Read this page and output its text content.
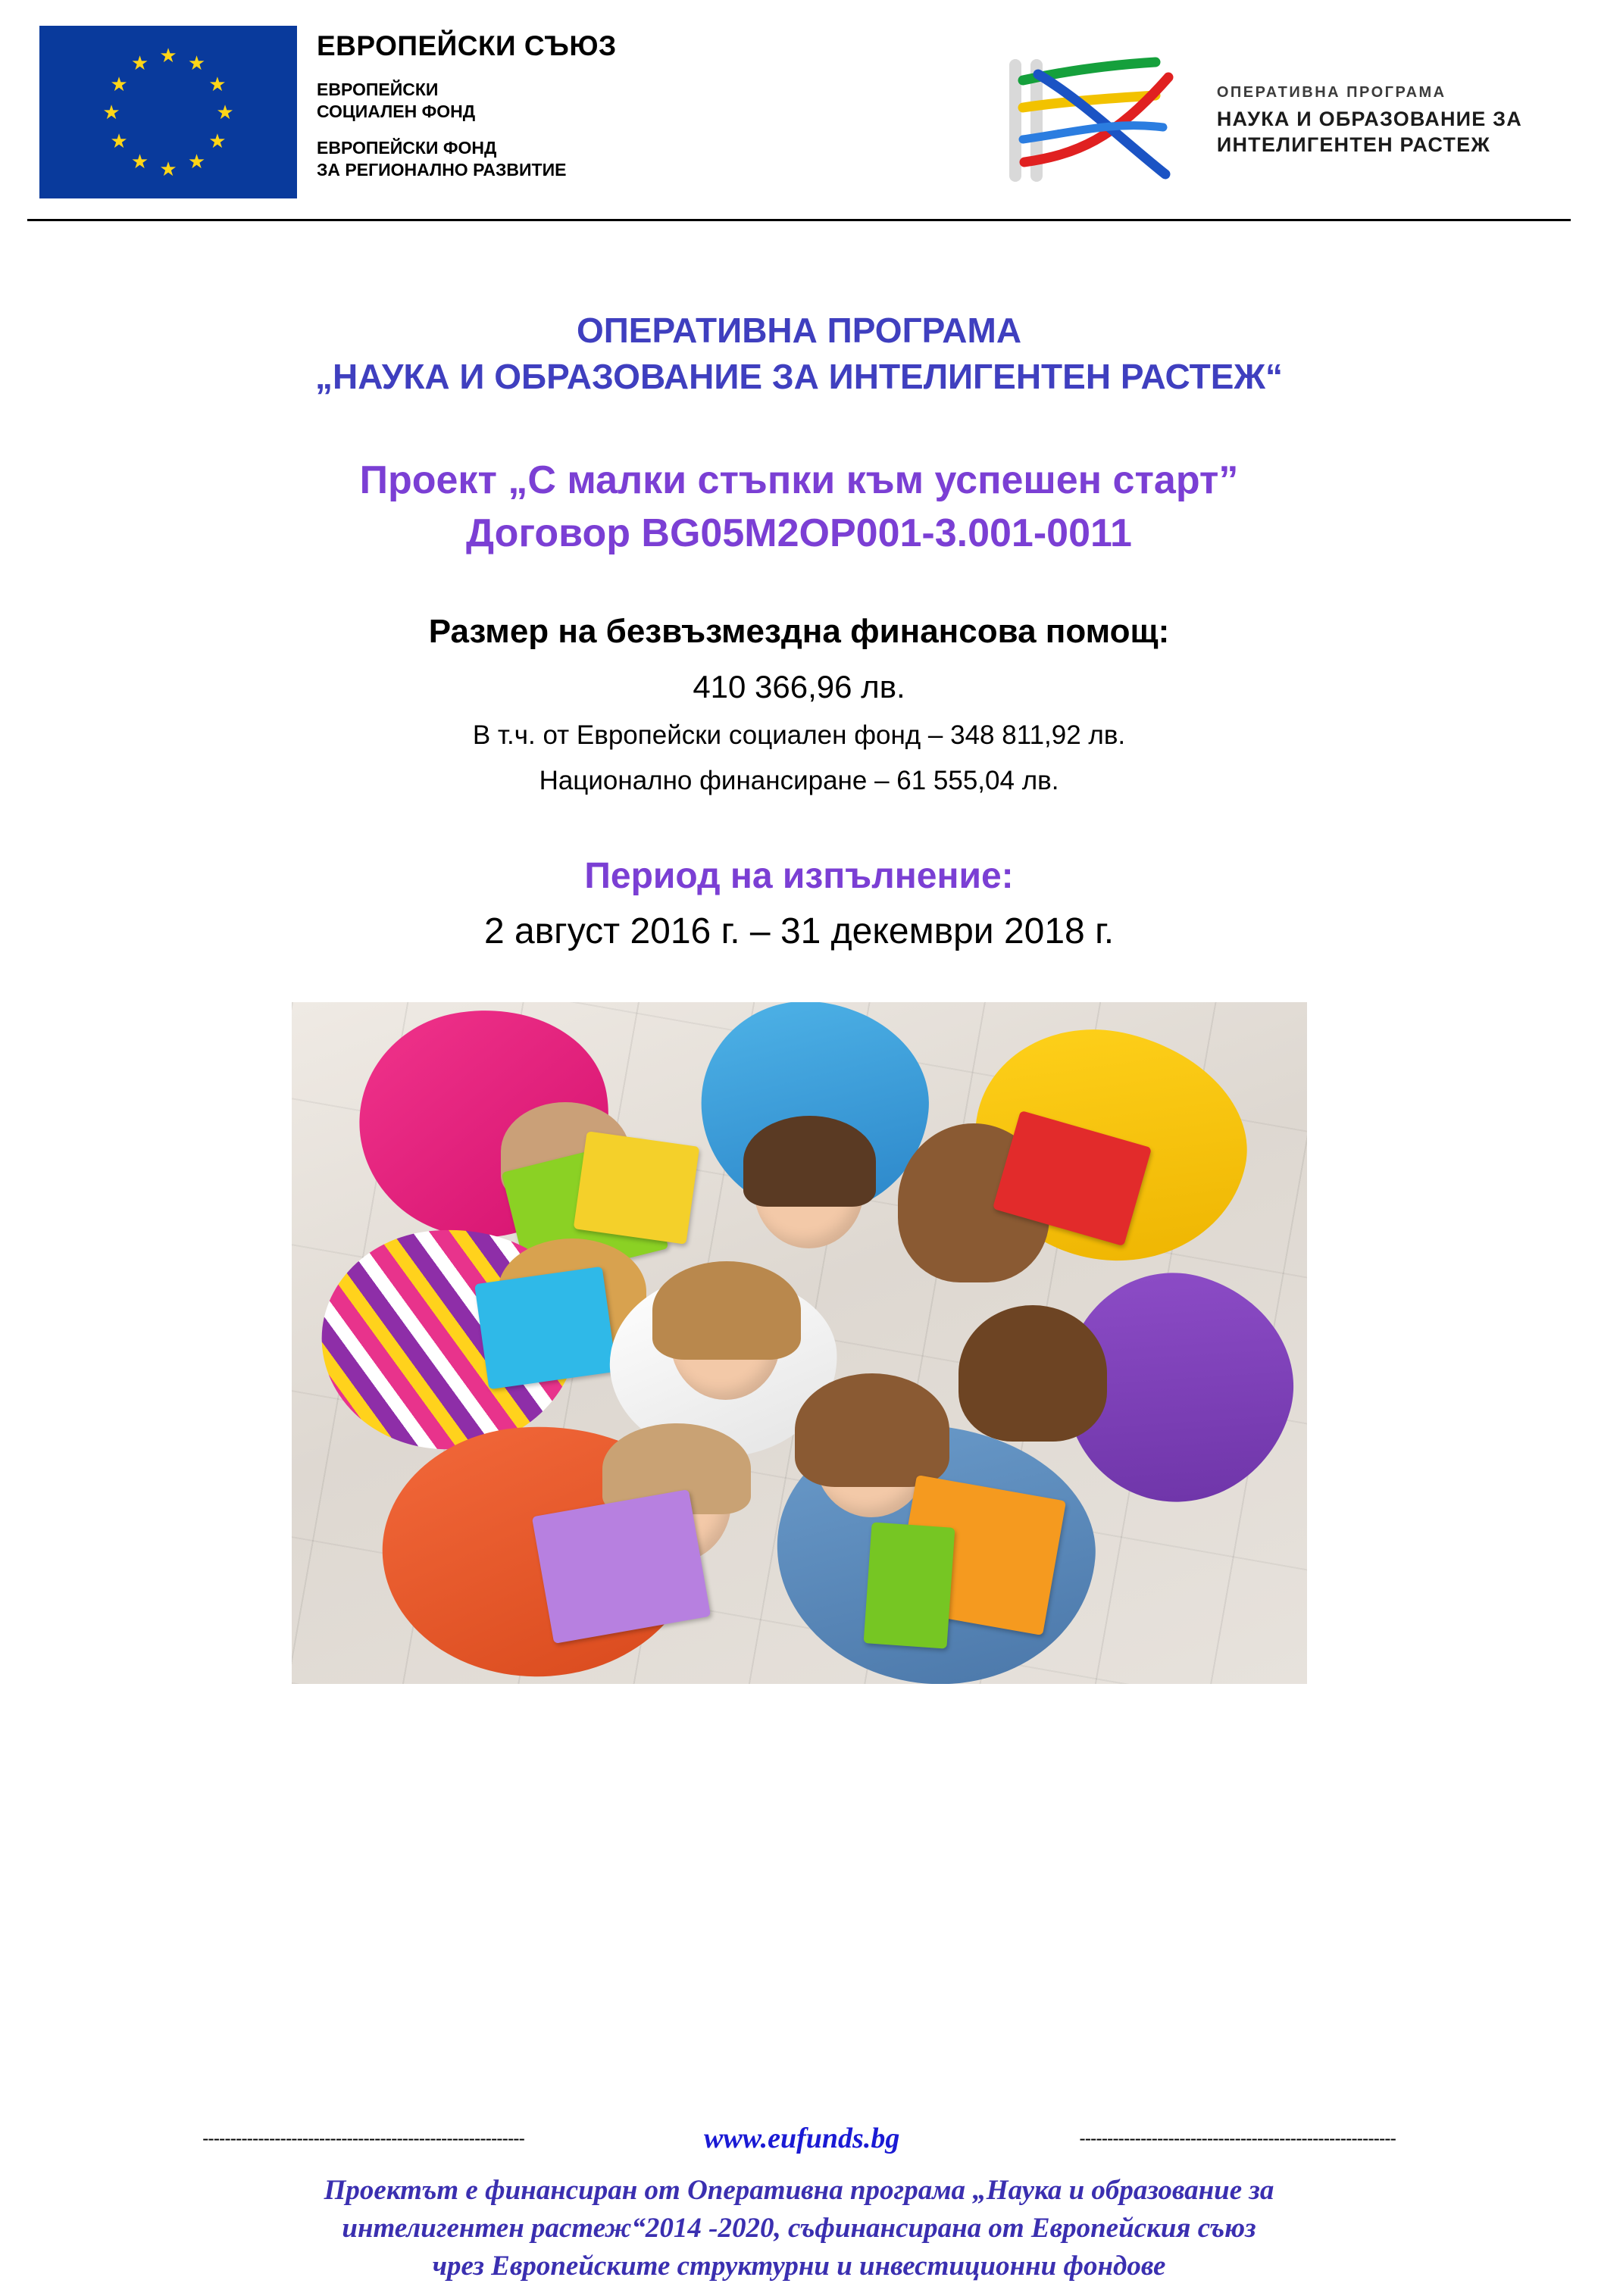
★ ★
★
★
★
★
★
★
★
★
★
★
ЕВРОПЕЙСКИ СЪЮЗ
ЕВРОПЕЙСКИ
СОЦИАЛЕН ФОНД
ЕВРОПЕЙСКИ ФОНД
ЗА РЕГИОНАЛНО РАЗВИТИЕ
ОПЕРАТИВНА ПРОГРАМА
НАУКА И ОБРАЗОВАНИЕ ЗА
ИНТЕЛИГЕНТЕН РАСТЕЖ
ОПЕРАТИВНА ПРОГРАМА
„НАУКА И ОБРАЗОВАНИЕ ЗА ИНТЕЛИГЕНТЕН РАСТЕЖ“
Проект „С малки стъпки към успешен старт”
Договор BG05M2OP001-3.001-0011
Размер на безвъзмездна финансова помощ:
410 366,96 лв.
В т.ч. от Европейски социален фонд – 348 811,92 лв.
Национално финансиране – 61 555,04 лв.
Период на изпълнение:
2 август 2016 г. – 31 декември 2018 г.
----------------------------------------------------------	www.eufunds.bg	---------------------------------------------------------
Проектът е финансиран от Оперативна програма „Наука и образование за
интелигентен растеж“2014 -2020, съфинансирана от Европейския съюз
чрез Европейските структурни и инвестиционни фондове
